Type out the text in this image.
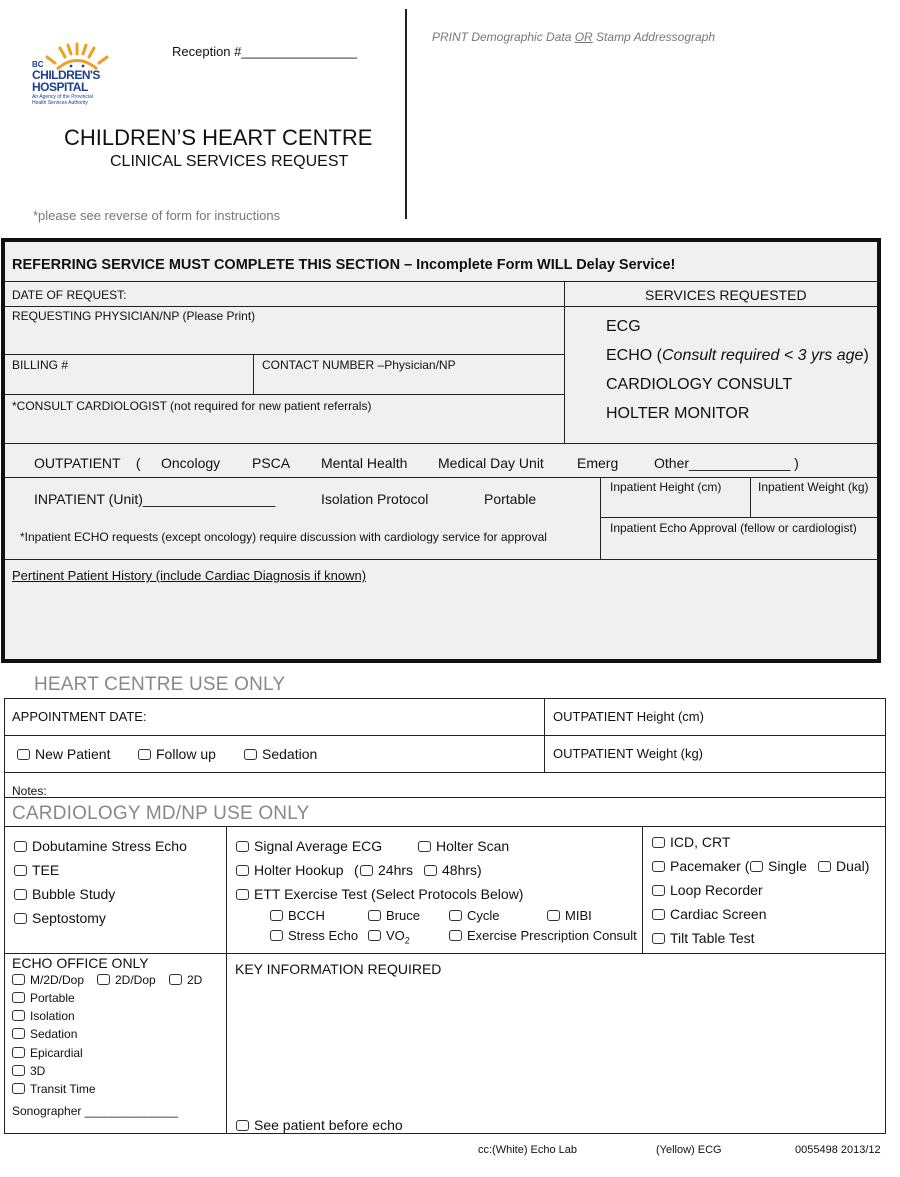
BC
CHILDREN'S
HOSPITAL
An Agency of the Provincial
Health Services Authority
Reception #________________
CHILDREN’S HEART CENTRE
CLINICAL SERVICES REQUEST
*please see reverse of form for instructions
PRINT Demographic Data OR Stamp Addressograph
REFERRING SERVICE MUST COMPLETE THIS SECTION – Incomplete Form WILL Delay Service!
DATE OF REQUEST:
REQUESTING PHYSICIAN/NP (Please Print)
BILLING #	CONTACT NUMBER –Physician/NP
*CONSULT CARDIOLOGIST (not required for new patient referrals)
SERVICES REQUESTED
ECG
ECHO (Consult required < 3 yrs age)
CARDIOLOGY CONSULT
HOLTER MONITOR
OUTPATIENT    ( Oncology PSCA Mental Health Medical Day Unit Emerg	Other_____________ )
INPATIENT (Unit)_________________	Isolation Protocol	Portable
Inpatient Height (cm)	Inpatient Weight (kg)
Inpatient Echo Approval (fellow or cardiologist)
*Inpatient ECHO requests (except oncology) require discussion with cardiology service for approval
Pertinent Patient History (include Cardiac Diagnosis if known)
HEART CENTRE USE ONLY
APPOINTMENT DATE:	OUTPATIENT Height (cm)
New Patient	Follow up	Sedation	OUTPATIENT Weight (kg)
Notes:
CARDIOLOGY MD/NP USE ONLY
Dobutamine Stress Echo
TEE
Bubble Study
Septostomy
Signal Average ECG	Holter Scan
Holter Hookup (	24hrs	48hrs)
ETT Exercise Test (Select Protocols Below)
BCCH	Bruce	Cycle	MIBI
Stress Echo	$VO_2$	Exercise Prescription Consult
ICD, CRT
Pacemaker (	Single	Dual)
Loop Recorder
Cardiac Screen
Tilt Table Test
ECHO OFFICE ONLY
M/2D/Dop	2D/Dop	2D
Portable
Isolation
Sedation
Epicardial
3D
Transit Time
Sonographer ______________
KEY INFORMATION REQUIRED
See patient before echo
cc:(White) Echo Lab	(Yellow) ECG	0055498 2013/12
